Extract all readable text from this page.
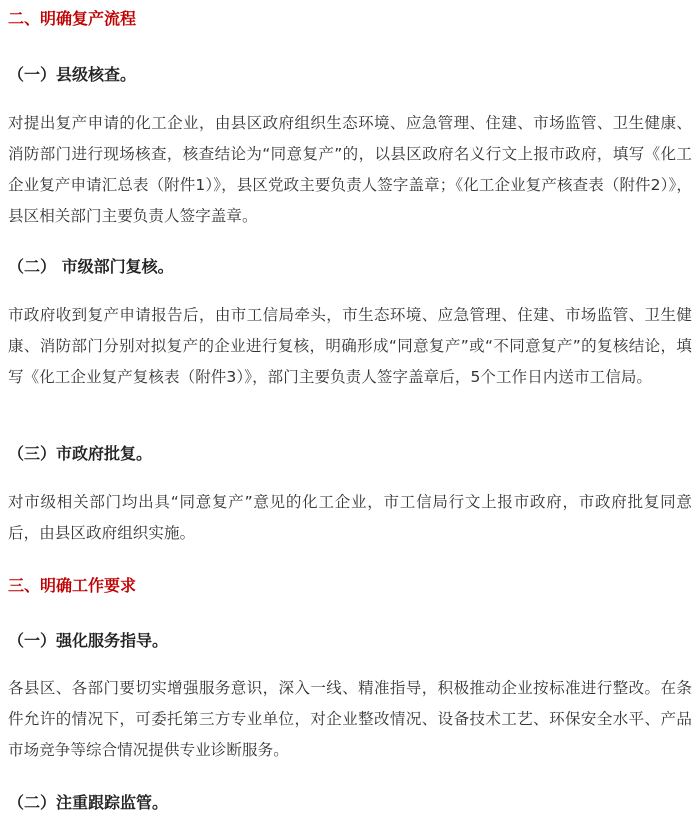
二、明确复产流程
（一）县级核查。

对提出复产申请的化工企业，由县区政府组织生态环境、应急管理、住建、市场监管、卫生健康、消防部门进行现场核查，核查结论为“同意复产”的，以县区政府名义行文上报市政府，填写《化工企业复产申请汇总表（附件1）》，县区党政主要负责人签字盖章；《化工企业复产核查表（附件2）》，县区相关部门主要负责人签字盖章。

（二） 市级部门复核。

市政府收到复产申请报告后，由市工信局牵头，市生态环境、应急管理、住建、市场监管、卫生健康、消防部门分别对拟复产的企业进行复核，明确形成“同意复产”或“不同意复产”的复核结论，填写《化工企业复产复核表（附件3）》，部门主要负责人签字盖章后，5个工作日内送市工信局。

（三）市政府批复。

对市级相关部门均出具“同意复产”意见的化工企业，市工信局行文上报市政府，市政府批复同意后，由县区政府组织实施。

三、明确工作要求
（一）强化服务指导。

各县区、各部门要切实增强服务意识，深入一线、精准指导，积极推动企业按标准进行整改。在条件允许的情况下，可委托第三方专业单位，对企业整改情况、设备技术工艺、环保安全水平、产品市场竞争等综合情况提供专业诊断服务。

（二）注重跟踪监管。
